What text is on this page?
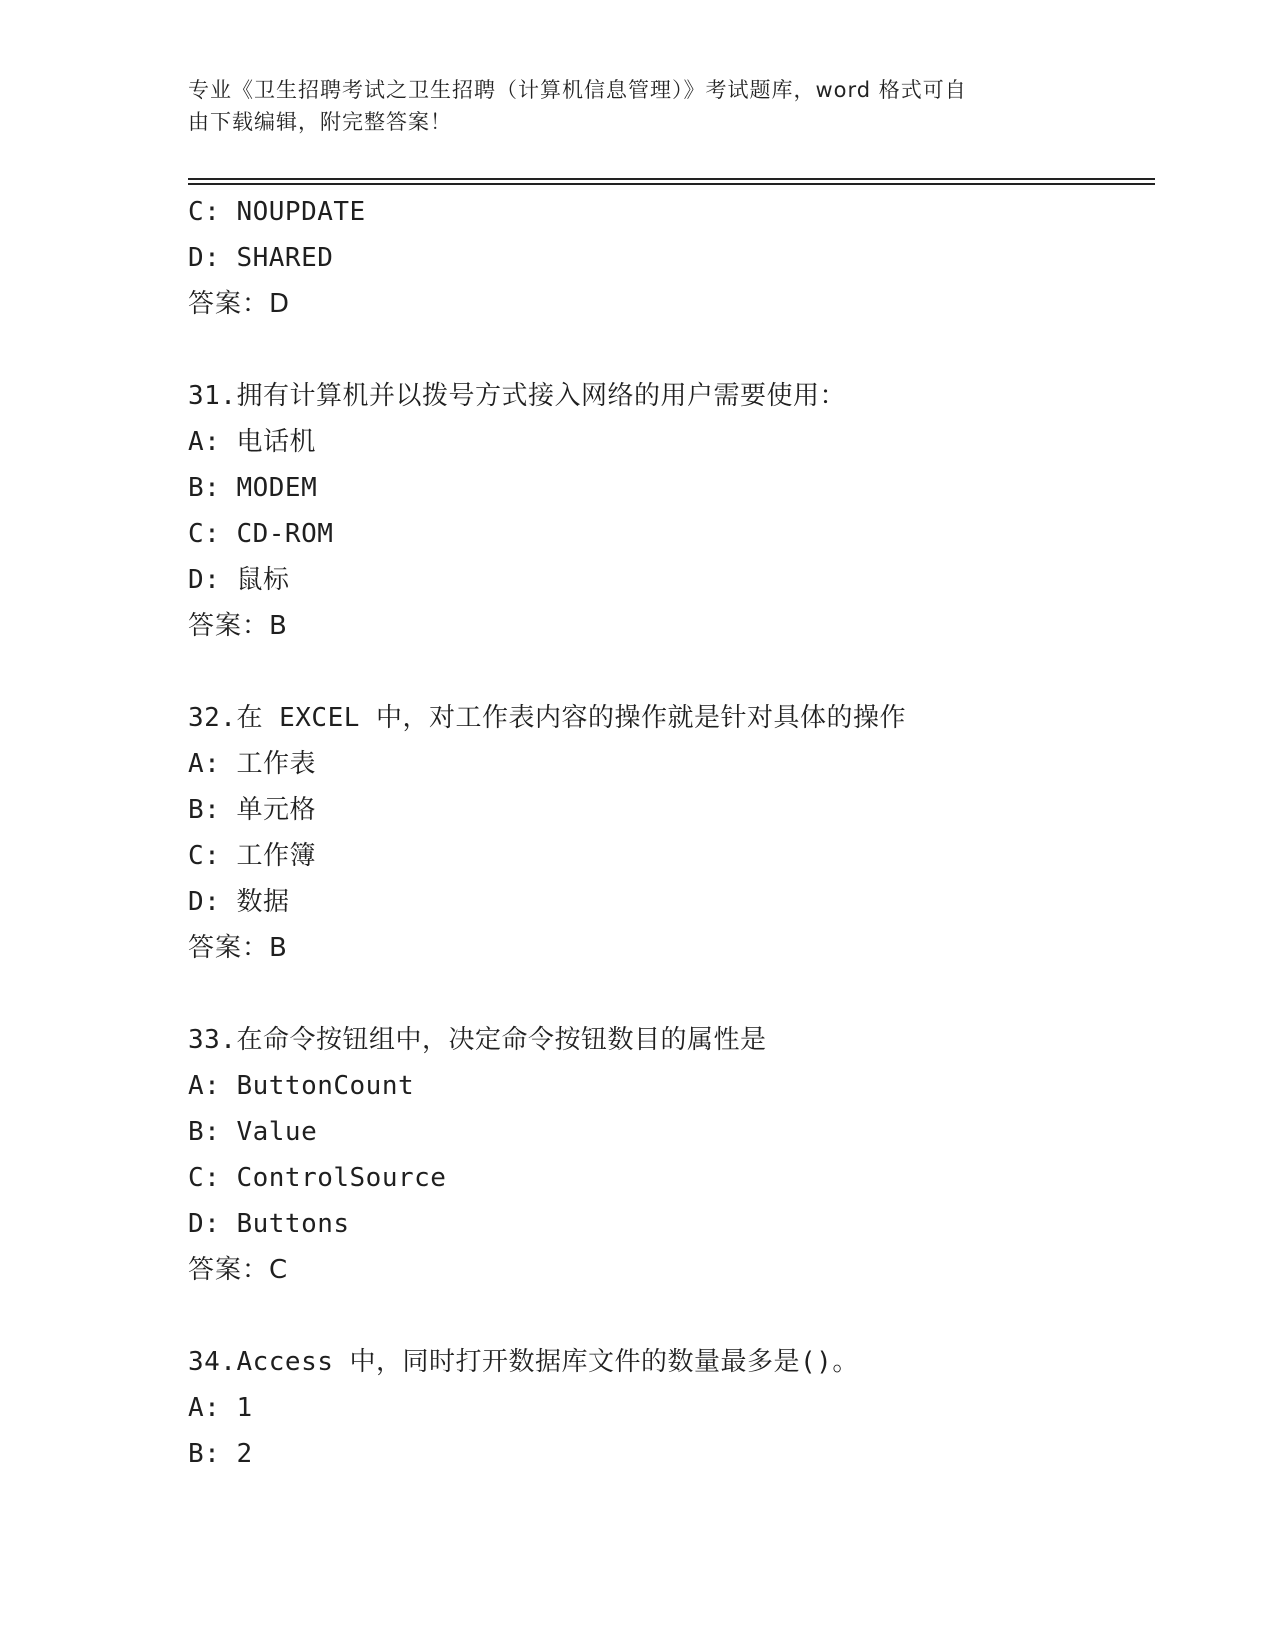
专业《卫生招聘考试之卫生招聘（计算机信息管理）》考试题库，word 格式可自
由下载编辑，附完整答案！
C: NOUPDATE
D: SHARED
答案：D
31.拥有计算机并以拨号方式接入网络的用户需要使用：
A: 电话机
B: MODEM
C: CD-ROM
D: 鼠标
答案：B
32.在 EXCEL 中，对工作表内容的操作就是针对具体的操作
A: 工作表
B: 单元格
C: 工作簿
D: 数据
答案：B
33.在命令按钮组中，决定命令按钮数目的属性是
A: ButtonCount
B: Value
C: ControlSource
D: Buttons
答案：C
34.Access 中，同时打开数据库文件的数量最多是()。
A: 1
B: 2
